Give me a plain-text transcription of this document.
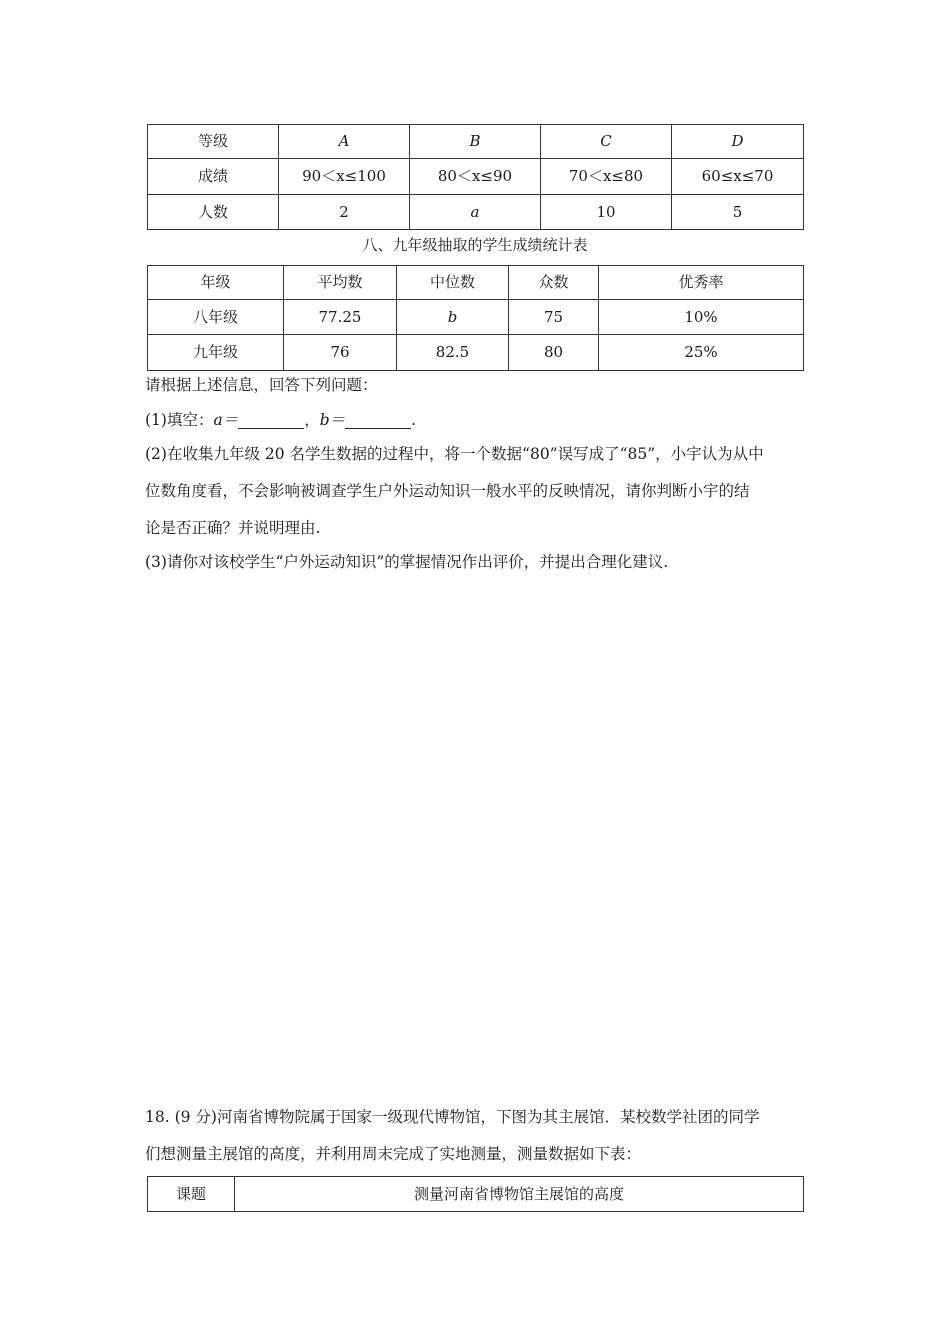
等级	A	B	C	D
成绩	90＜x≤100	80＜x≤90	70＜x≤80	60≤x≤70
人数	2	a	10	5
八、九年级抽取的学生成绩统计表
年级	平均数	中位数	众数	优秀率
八年级	77.25	b	75	10%
九年级	76	82.5	80	25%
请根据上述信息，回答下列问题：
(1)填空：a＝	，b＝	.
(2)在收集九年级 20 名学生数据的过程中，将一个数据“80”误写成了“85”，小宇认为从中
位数角度看，不会影响被调查学生户外运动知识一般水平的反映情况，请你判断小宇的结
论是否正确？并说明理由.
(3)请你对该校学生“户外运动知识”的掌握情况作出评价，并提出合理化建议.
18. (9 分)河南省博物院属于国家一级现代博物馆，下图为其主展馆．某校数学社团的同学
们想测量主展馆的高度，并利用周末完成了实地测量，测量数据如下表：
课题	测量河南省博物馆主展馆的高度
